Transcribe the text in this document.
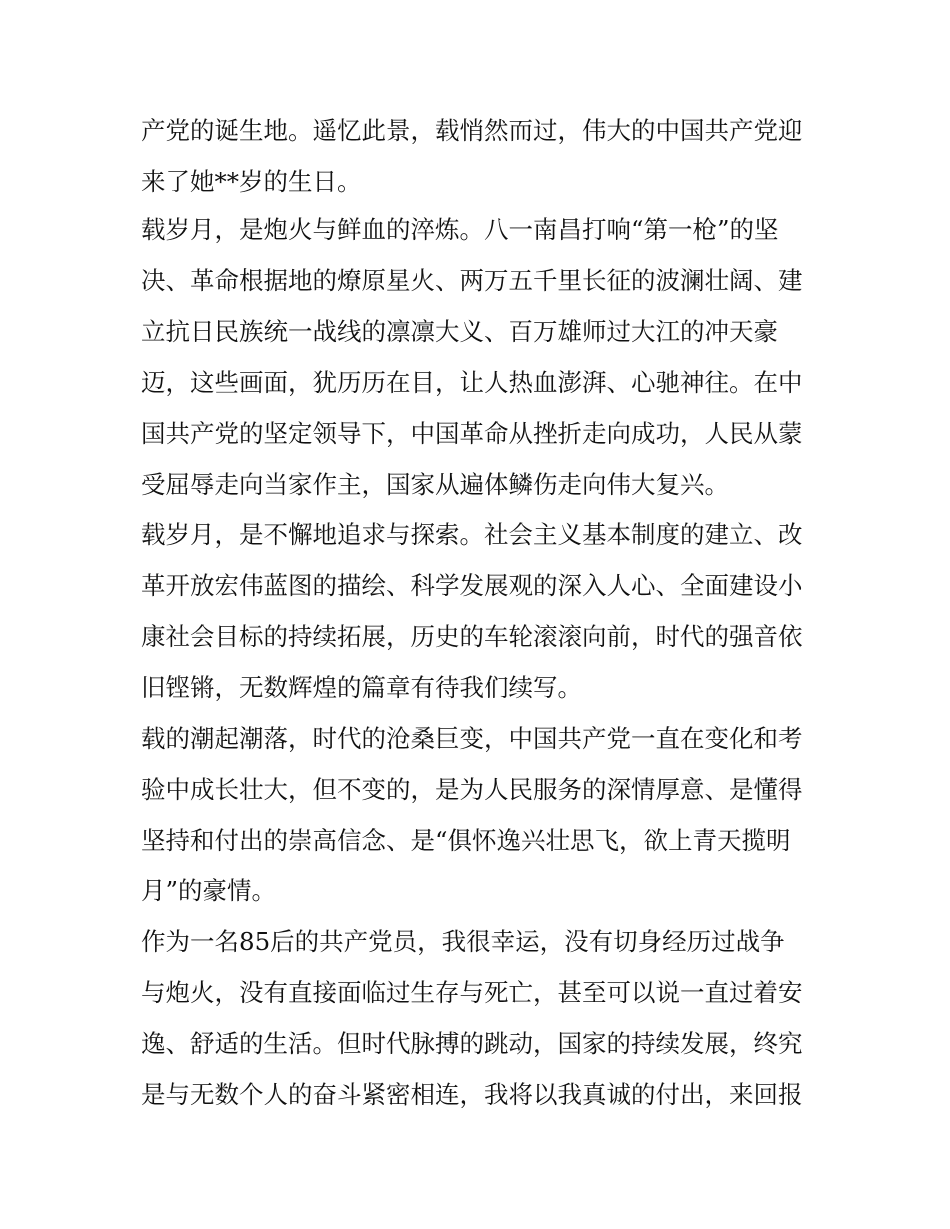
产党的诞生地。遥忆此景，载悄然而过，伟大的中国共产党迎
来了她**岁的生日。
载岁月，是炮火与鲜血的淬炼。八一南昌打响“第一枪”的坚
决、革命根据地的燎原星火、两万五千里长征的波澜壮阔、建
立抗日民族统一战线的凛凛大义、百万雄师过大江的冲天豪
迈，这些画面，犹历历在目，让人热血澎湃、心驰神往。在中
国共产党的坚定领导下，中国革命从挫折走向成功，人民从蒙
受屈辱走向当家作主，国家从遍体鳞伤走向伟大复兴。
载岁月，是不懈地追求与探索。社会主义基本制度的建立、改
革开放宏伟蓝图的描绘、科学发展观的深入人心、全面建设小
康社会目标的持续拓展，历史的车轮滚滚向前，时代的强音依
旧铿锵，无数辉煌的篇章有待我们续写。
载的潮起潮落，时代的沧桑巨变，中国共产党一直在变化和考
验中成长壮大，但不变的，是为人民服务的深情厚意、是懂得
坚持和付出的崇高信念、是“俱怀逸兴壮思飞，欲上青天揽明
月”的豪情。
作为一名85后的共产党员，我很幸运，没有切身经历过战争
与炮火，没有直接面临过生存与死亡，甚至可以说一直过着安
逸、舒适的生活。但时代脉搏的跳动，国家的持续发展，终究
是与无数个人的奋斗紧密相连，我将以我真诚的付出，来回报
